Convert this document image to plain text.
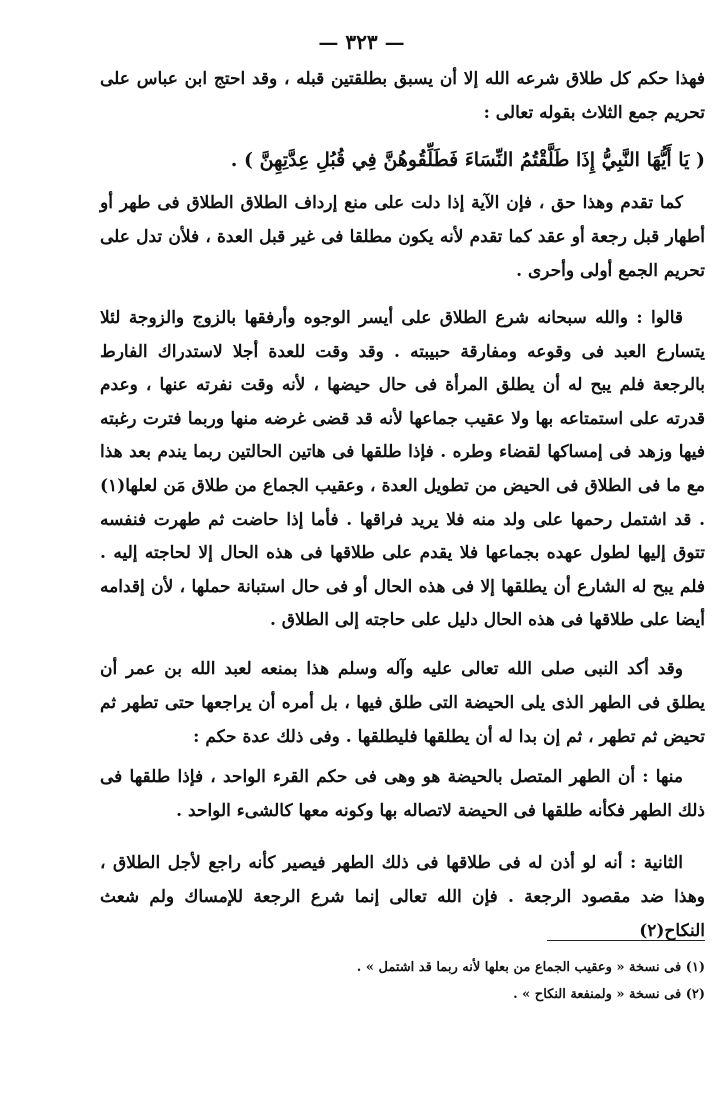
— ٣٢٣ —

فهذا حكم كل طلاق شرعه الله إلا أن يسبق بطلقتين قبله ، وقد احتج ابن عباس على تحريم جمع الثلاث بقوله تعالى :

( يَا أَيُّهَا النَّبِيُّ إِذَا طَلَّقْتُمُ النِّسَاءَ فَطَلِّقُوهُنَّ فِي قُبُلِ عِدَّتِهِنَّ ) .

كما تقدم وهذا حق ، فإن الآية إذا دلت على منع إرداف الطلاق الطلاق فى طهر أو أطهار قبل رجعة أو عقد كما تقدم لأنه يكون مطلقا فى غير قبل العدة ، فلأن تدل على تحريم الجمع أولى وأحرى .

قالوا : والله سبحانه شرع الطلاق على أيسر الوجوه وأرفقها بالزوج والزوجة لئلا يتسارع العبد فى وقوعه ومفارقة حبيبته . وقد وقت للعدة أجلا لاستدراك الفارط بالرجعة فلم يبح له أن يطلق المرأة فى حال حيضها ، لأنه وقت نفرته عنها ، وعدم قدرته على استمتاعه بها ولا عقيب جماعها لأنه قد قضى غرضه منها وربما فترت رغبته فيها وزهد فى إمساكها لقضاء وطره . فإذا طلقها فى هاتين الحالتين ربما يندم بعد هذا مع ما فى الطلاق فى الحيض من تطويل العدة ، وعقيب الجماع من طلاق مَن لعلها(١) . قد اشتمل رحمها على ولد منه فلا يريد فراقها . فأما إذا حاضت ثم طهرت فنفسه تتوق إليها لطول عهده بجماعها فلا يقدم على طلاقها فى هذه الحال إلا لحاجته إليه . فلم يبح له الشارع أن يطلقها إلا فى هذه الحال أو فى حال استبانة حملها ، لأن إقدامه أيضا على طلاقها فى هذه الحال دليل على حاجته إلى الطلاق .

وقد أكد النبى صلى الله تعالى عليه وآله وسلم هذا بمنعه لعبد الله بن عمر أن يطلق فى الطهر الذى يلى الحيضة التى طلق فيها ، بل أمره أن يراجعها حتى تطهر ثم تحيض ثم تطهر ، ثم إن بدا له أن يطلقها فليطلقها . وفى ذلك عدة حكم :

منها : أن الطهر المتصل بالحيضة هو وهى فى حكم القرء الواحد ، فإذا طلقها فى ذلك الطهر فكأنه طلقها فى الحيضة لاتصاله بها وكونه معها كالشىء الواحد .

الثانية : أنه لو أذن له فى طلاقها فى ذلك الطهر فيصير كأنه راجع لأجل الطلاق ، وهذا ضد مقصود الرجعة . فإن الله تعالى إنما شرع الرجعة للإمساك ولم شعث النكاح(٢)

(١) فى نسخة « وعقيب الجماع من بعلها لأنه ربما قد اشتمل » .
(٢) فى نسخة « ولمنفعة النكاح » .
